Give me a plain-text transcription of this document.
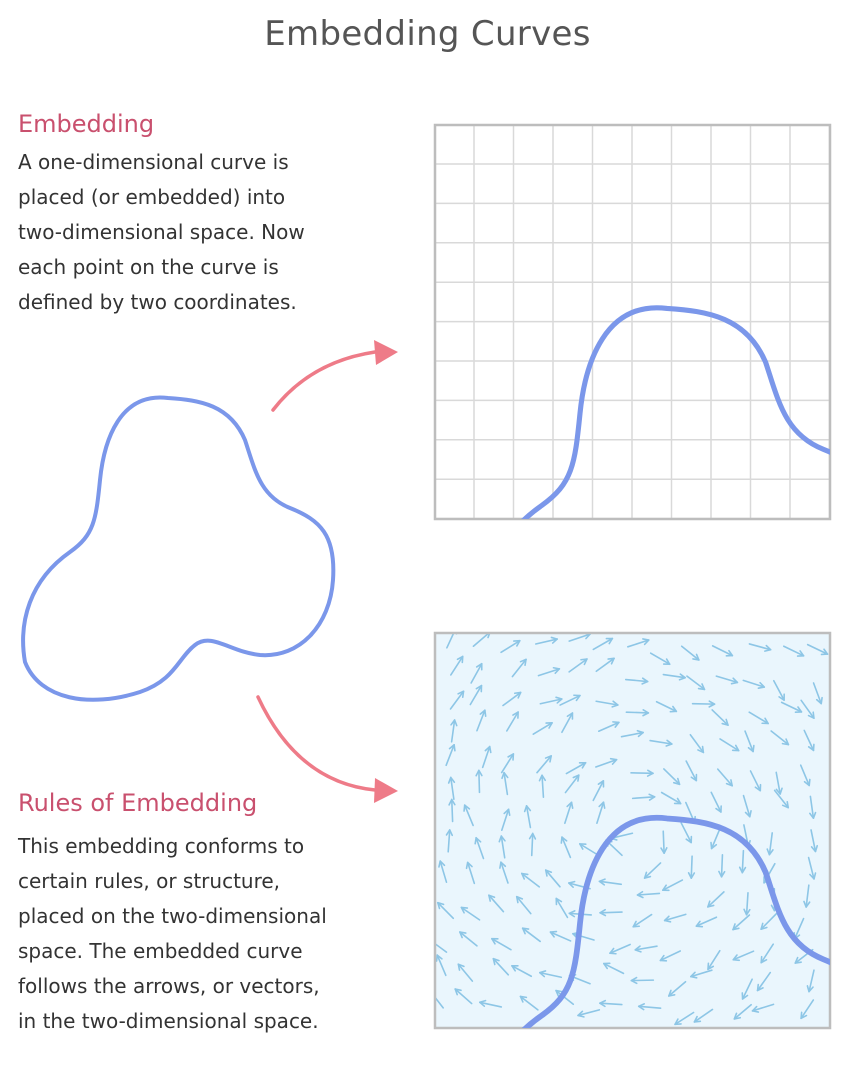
Embedding Curves
Embedding
A one-dimensional curve is
placed (or embedded) into
two-dimensional space. Now
each point on the curve is
defined by two coordinates.
Rules of Embedding
This embedding conforms to
certain rules, or structure,
placed on the two-dimensional
space. The embedded curve
follows the arrows, or vectors,
in the two-dimensional space.
